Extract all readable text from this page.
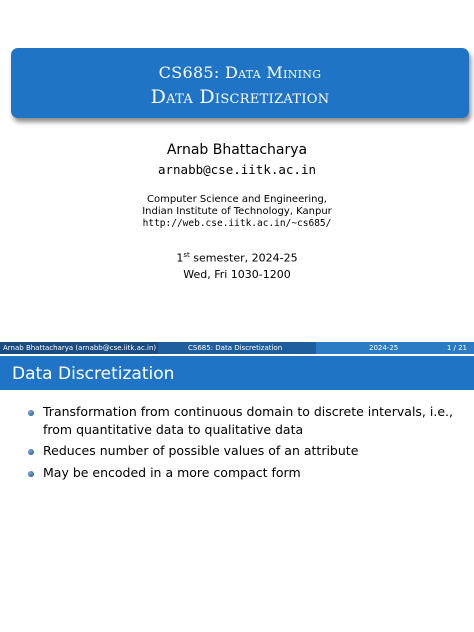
CS685: Data Mining
Data Discretization
Arnab Bhattacharya
arnabb@cse.iitk.ac.in
Computer Science and Engineering,
Indian Institute of Technology, Kanpur
http://web.cse.iitk.ac.in/~cs685/
1st semester, 2024-25
Wed, Fri 1030-1200
Arnab Bhattacharya (arnabb@cse.iitk.ac.in)	CS685: Data Discretization	2024-25	1 / 21
Data Discretization
Transformation from continuous domain to discrete intervals, i.e., from quantitative data to qualitative data
Reduces number of possible values of an attribute
May be encoded in a more compact form
